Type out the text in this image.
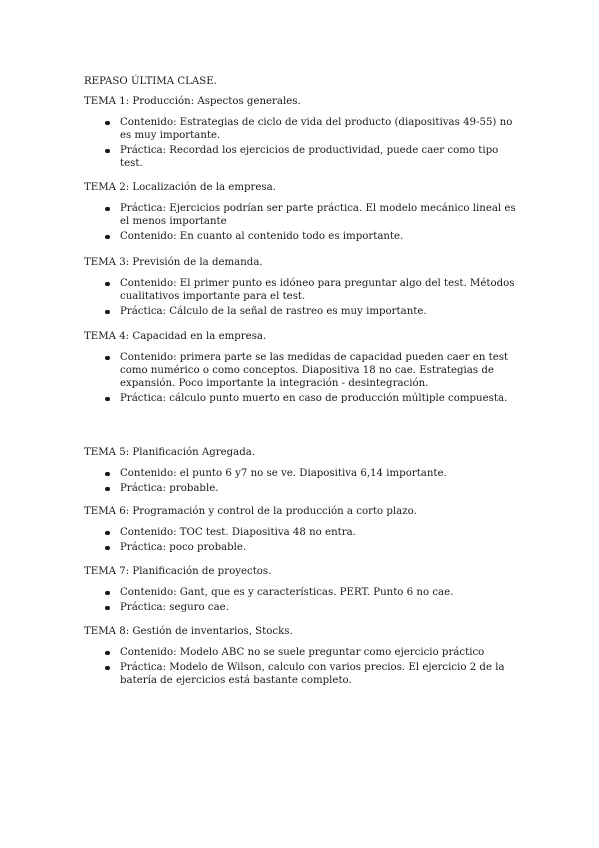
REPASO ÚLTIMA CLASE.

TEMA 1: Producción: Aspectos generales.

Contenido: Estrategias de ciclo de vida del producto (diapositivas 49-55) no es muy importante.
Práctica: Recordad los ejercicios de productividad, puede caer como tipo test.

TEMA 2: Localización de la empresa.

Práctica: Ejercicios podrían ser parte práctica. El modelo mecánico lineal es el menos importante
Contenido: En cuanto al contenido todo es importante.

TEMA 3: Previsión de la demanda.

Contenido: El primer punto es idóneo para preguntar algo del test. Métodos cualitativos importante para el test.
Práctica: Cálculo de la señal de rastreo es muy importante.

TEMA 4: Capacidad en la empresa.

Contenido: primera parte se las medidas de capacidad pueden caer en test como numérico o como conceptos. Diapositiva 18 no cae. Estrategias de expansión. Poco importante la integración - desintegración.
Práctica: cálculo punto muerto en caso de producción múltiple compuesta.

TEMA 5: Planificación Agregada.

Contenido: el punto 6 y7 no se ve. Diapositiva 6,14 importante.
Práctica: probable.

TEMA 6: Programación y control de la producción a corto plazo.

Contenido: TOC test. Diapositiva 48 no entra.
Práctica: poco probable.

TEMA 7: Planificación de proyectos.

Contenido: Gant, que es y características. PERT. Punto 6 no cae.
Práctica: seguro cae.

TEMA 8: Gestión de inventarios, Stocks.

Contenido: Modelo ABC no se suele preguntar como ejercicio práctico
Práctica: Modelo de Wilson, calculo con varios precios. El ejercicio 2 de la batería de ejercicios está bastante completo.
